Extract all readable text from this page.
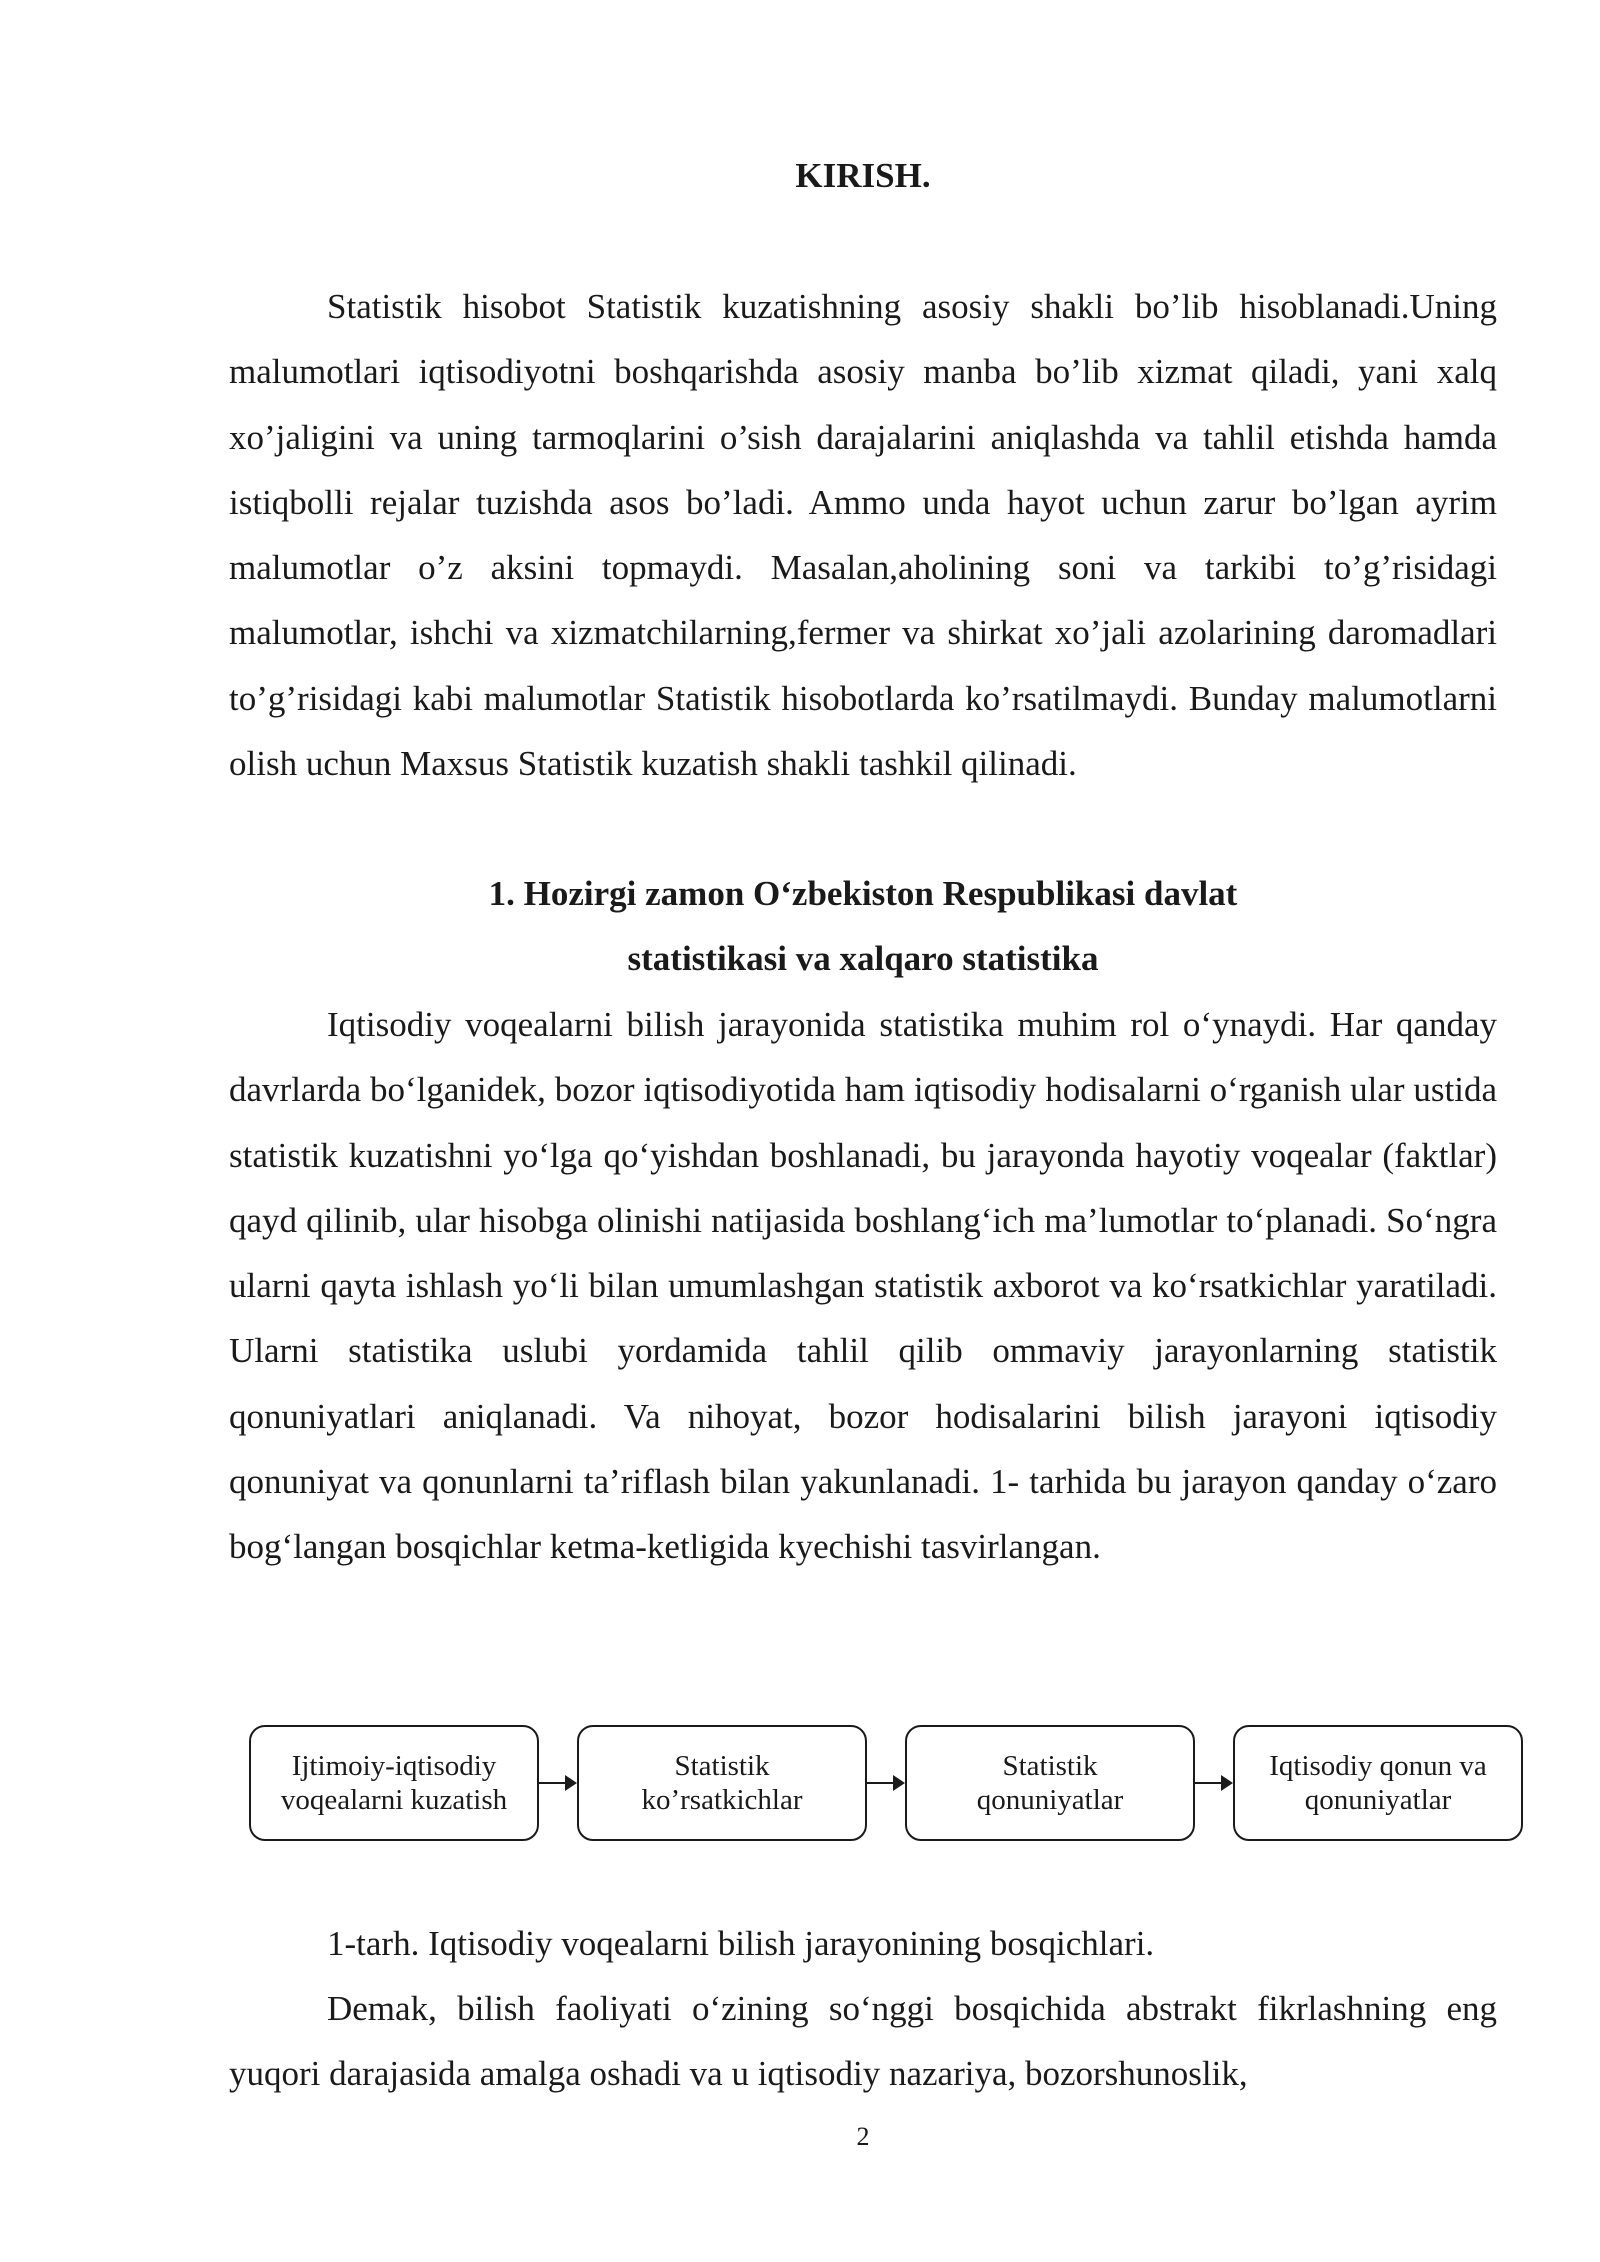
KIRISH.

Statistik hisobot Statistik kuzatishning asosiy shakli bo’lib hisoblanadi.Uning malumotlari iqtisodiyotni boshqarishda asosiy manba bo’lib xizmat qiladi, yani xalq xo’jaligini va uning tarmoqlarini o’sish darajalarini aniqlashda va tahlil etishda hamda istiqbolli rejalar tuzishda asos bo’ladi. Ammo unda hayot uchun zarur bo’lgan ayrim malumotlar o’z aksini topmaydi. Masalan,aholining soni va tarkibi to’g’risidagi malumotlar, ishchi va xizmatchilarning,fermer va shirkat xo’jali azolarining daromadlari to’g’risidagi kabi malumotlar Statistik hisobotlarda ko’rsatilmaydi. Bunday malumotlarni olish uchun Maxsus Statistik kuzatish shakli tashkil qilinadi.

1. Hozirgi zamon O‘zbekiston Respublikasi davlat
statistikasi va xalqaro statistika

Iqtisodiy voqealarni bilish jarayonida statistika muhim rol o‘ynaydi. Har qanday davrlarda bo‘lganidek, bozor iqtisodiyotida ham iqtisodiy hodisalarni o‘rganish ular ustida statistik kuzatishni yo‘lga qo‘yishdan boshlanadi, bu jarayonda hayotiy voqealar (faktlar) qayd qilinib, ular hisobga olinishi natijasida boshlang‘ich ma’lumotlar to‘planadi. So‘ngra ularni qayta ishlash yo‘li bilan umumlashgan statistik axborot va ko‘rsatkichlar yaratiladi. Ularni statistika uslubi yordamida tahlil qilib ommaviy jarayonlarning statistik qonuniyatlari aniqlanadi. Va nihoyat, bozor hodisalarini bilish jarayoni iqtisodiy qonuniyat va qonunlarni ta’riflash bilan yakunlanadi. 1- tarhida bu jarayon qanday o‘zaro bog‘langan bosqichlar ketma-ketligida kyechishi tasvirlangan.

Ijtimoiy-iqtisodiy
voqealarni kuzatish
Statistik
ko’rsatkichlar
Statistik
qonuniyatlar
Iqtisodiy qonun va
qonuniyatlar

1-tarh. Iqtisodiy voqealarni bilish jarayonining bosqichlari.

Demak, bilish faoliyati o‘zining so‘nggi bosqichida abstrakt fikrlashning eng yuqori darajasida amalga oshadi va u iqtisodiy nazariya, bozorshunoslik,

2
